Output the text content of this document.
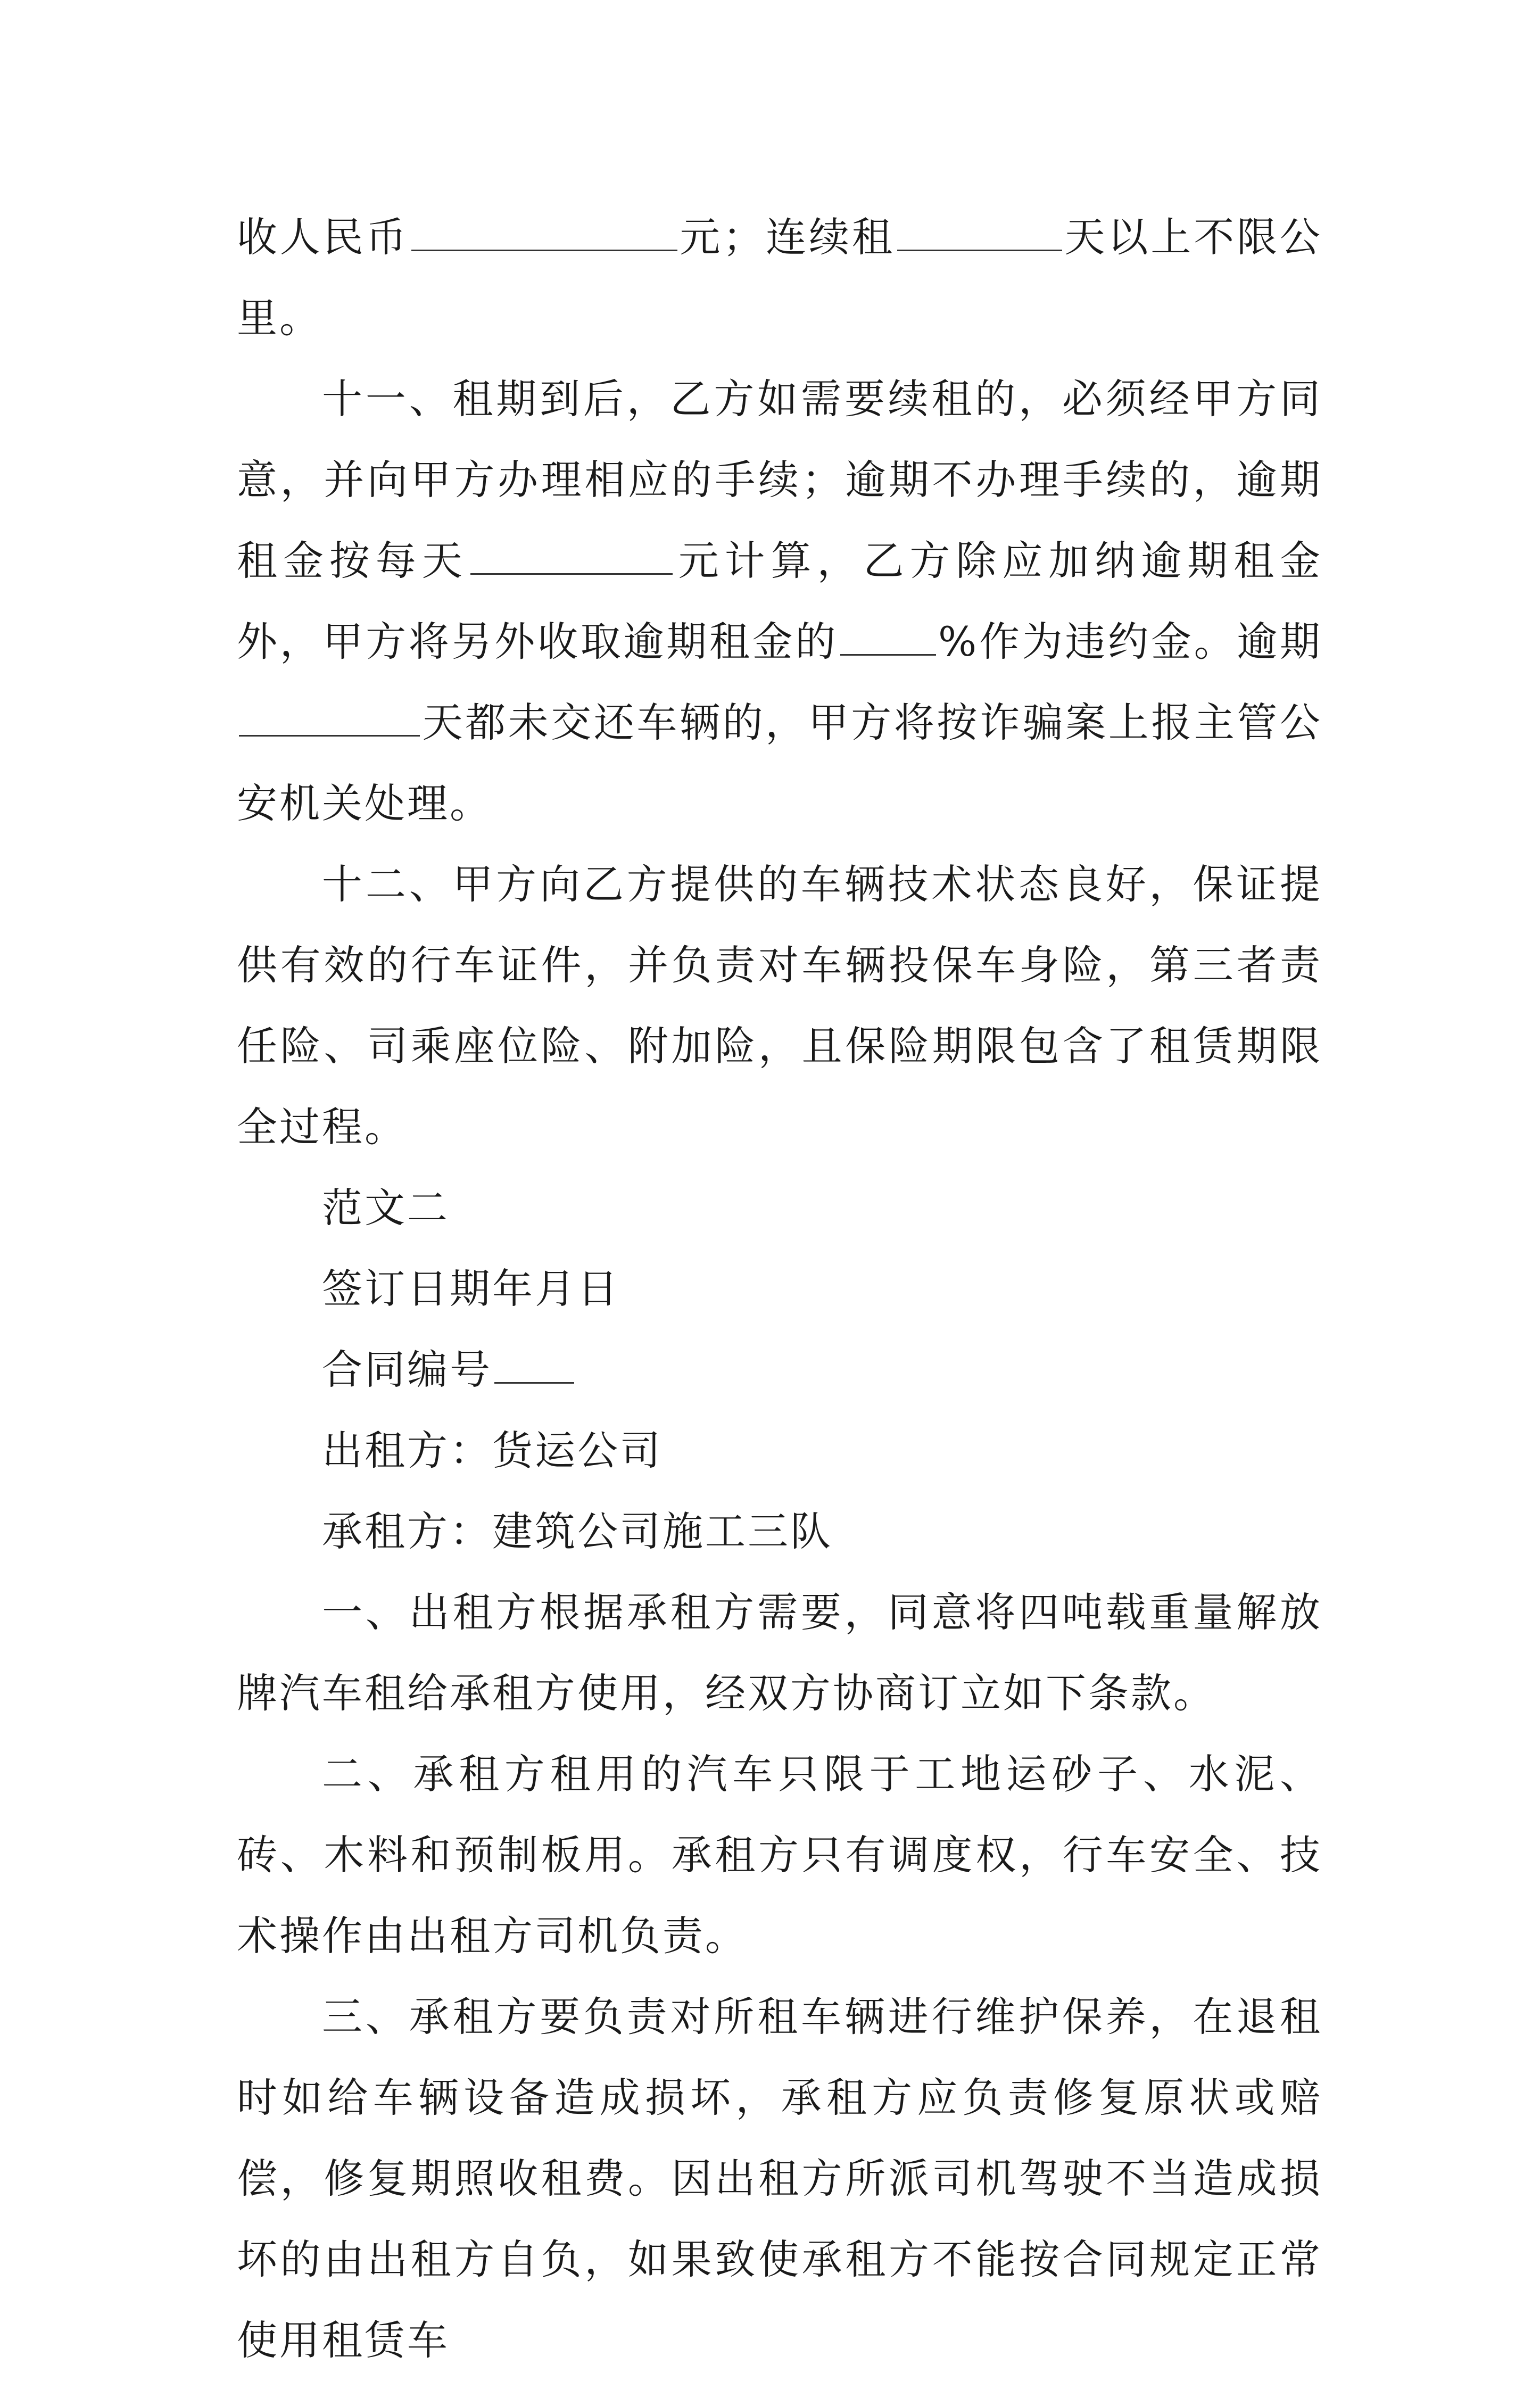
收人民币	元；连续租	天以上不限公里。

十一、租期到后，乙方如需要续租的，必须经甲方同意，并向甲方办理相应的手续；逾期不办理手续的，逾期租金按每天	元计算，乙方除应加纳逾期租金外，甲方将另外收取逾期租金的 %作为违约金。逾期天都未交还车辆的，甲方将按诈骗案上报主管公安机关处理。

十二、甲方向乙方提供的车辆技术状态良好，保证提供有效的行车证件，并负责对车辆投保车身险，第三者责任险、司乘座位险、附加险，且保险期限包含了租赁期限全过程。

范文二

签订日期年月日

合同编号

出租方：货运公司

承租方：建筑公司施工三队

一、出租方根据承租方需要，同意将四吨载重量解放牌汽车租给承租方使用，经双方协商订立如下条款。

二、承租方租用的汽车只限于工地运砂子、水泥、砖、木料和预制板用。承租方只有调度权，行车安全、技术操作由出租方司机负责。

三、承租方要负责对所租车辆进行维护保养，在退租时如给车辆设备造成损坏，承租方应负责修复原状或赔偿，修复期照收租费。因出租方所派司机驾驶不当造成损坏的由出租方自负，如果致使承租方不能按合同规定正常使用租赁车
